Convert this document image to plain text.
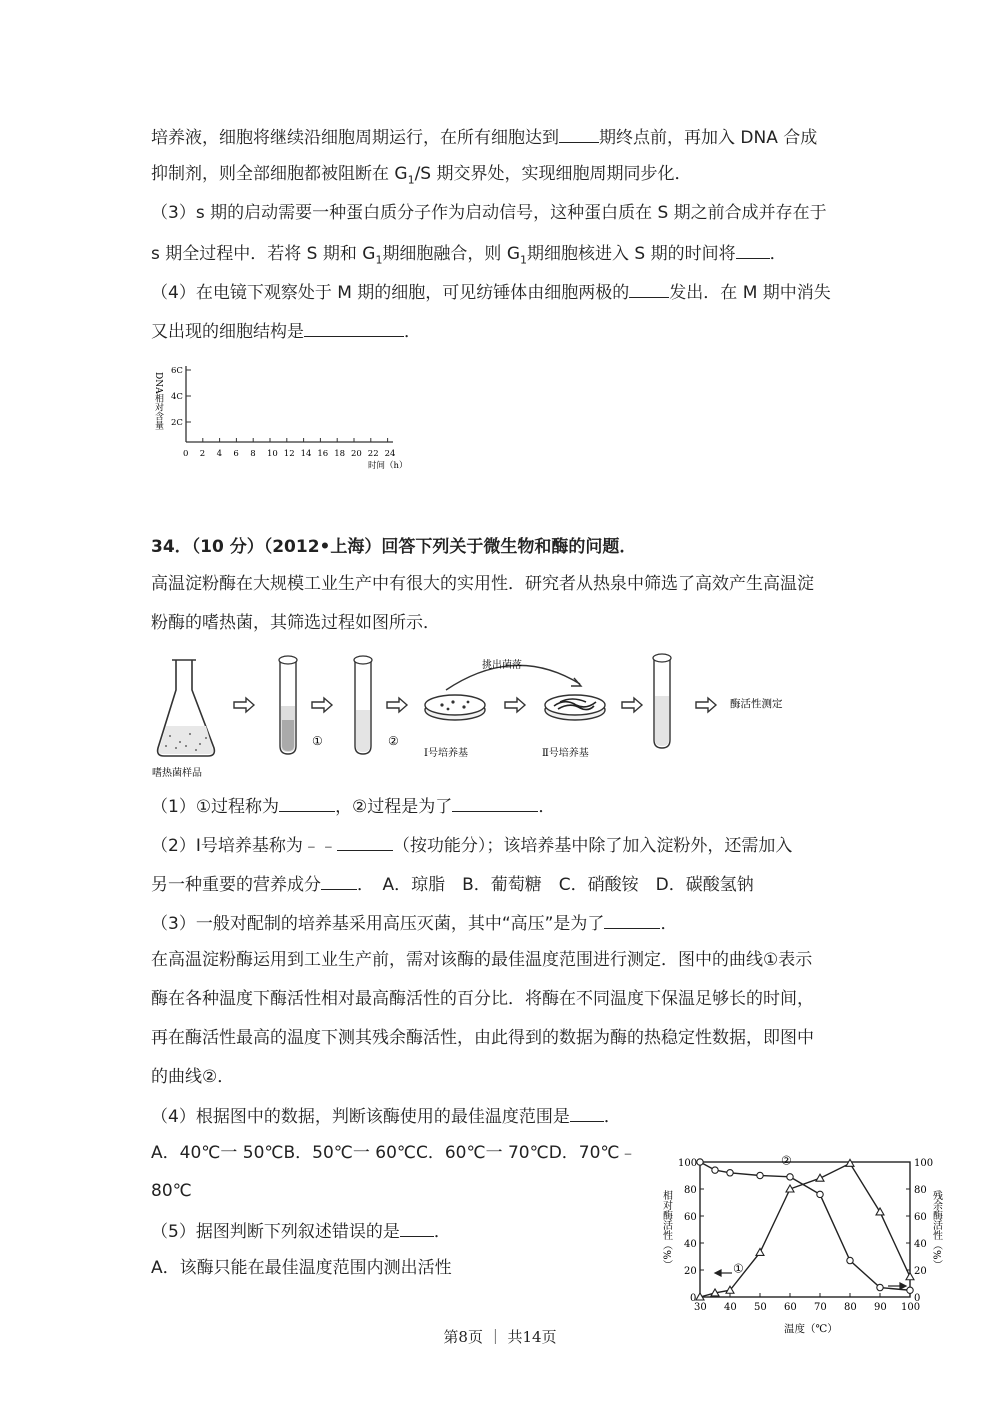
培养液，细胞将继续沿细胞周期运行，在所有细胞达到 期终点前，再加入 DNA 合成
抑制剂，则全部细胞都被阻断在 $G_1/S$ 期交界处，实现细胞周期同步化．
（3）s 期的启动需要一种蛋白质分子作为启动信号，这种蛋白质在 S 期之前合成并存在于
s 期全过程中．若将 S 期和 $G_1$期细胞融合，则 $G_1$期细胞核进入 S 期的时间将 ．
（4）在电镜下观察处于 M 期的细胞，可见纺锤体由细胞两极的 发出．在 M 期中消失
又出现的细胞结构是	．
DNA相对含量
6C
4C
2C
0 2 4 6 8 10 12 14 16 18 20 22 24
时间（h）
34．（10 分）（2012•上海）回答下列关于微生物和酶的问题．
高温淀粉酶在大规模工业生产中有很大的实用性．研究者从热泉中筛选了高效产生高温淀
粉酶的嗜热菌，其筛选过程如图所示．
嗜热菌样品
①	②
Ⅰ号培养基
挑出菌落
Ⅱ号培养基
酶活性测定
（1）①过程称为	，②过程是为了	．
（2）Ⅰ号培养基称为﹣﹣	（按功能分）；该培养基中除了加入淀粉外，还需加入
另一种重要的营养成分 ．　A．琼脂　B．葡萄糖　C．硝酸铵　D．碳酸氢钠
（3）一般对配制的培养基采用高压灭菌，其中“高压”是为了	．
在高温淀粉酶运用到工业生产前，需对该酶的最佳温度范围进行测定．图中的曲线①表示
酶在各种温度下酶活性相对最高酶活性的百分比．将酶在不同温度下保温足够长的时间，
再在酶活性最高的温度下测其残余酶活性，由此得到的数据为酶的热稳定性数据，即图中
的曲线②．
（4）根据图中的数据，判断该酶使用的最佳温度范围是 ．
A．40℃一 50℃B．50℃一 60℃C．60℃一 70℃D．70℃﹣
80℃
（5）据图判断下列叙述错误的是 ．
A．该酶只能在最佳温度范围内测出活性	相对酶活性（%）	残余酶活性（%）
温度（℃）
30 40 50 60 70 80 90 100
0	0
20	20
40	40
60	60
80	80
100	100
①
②
第8页 ｜ 共14页
